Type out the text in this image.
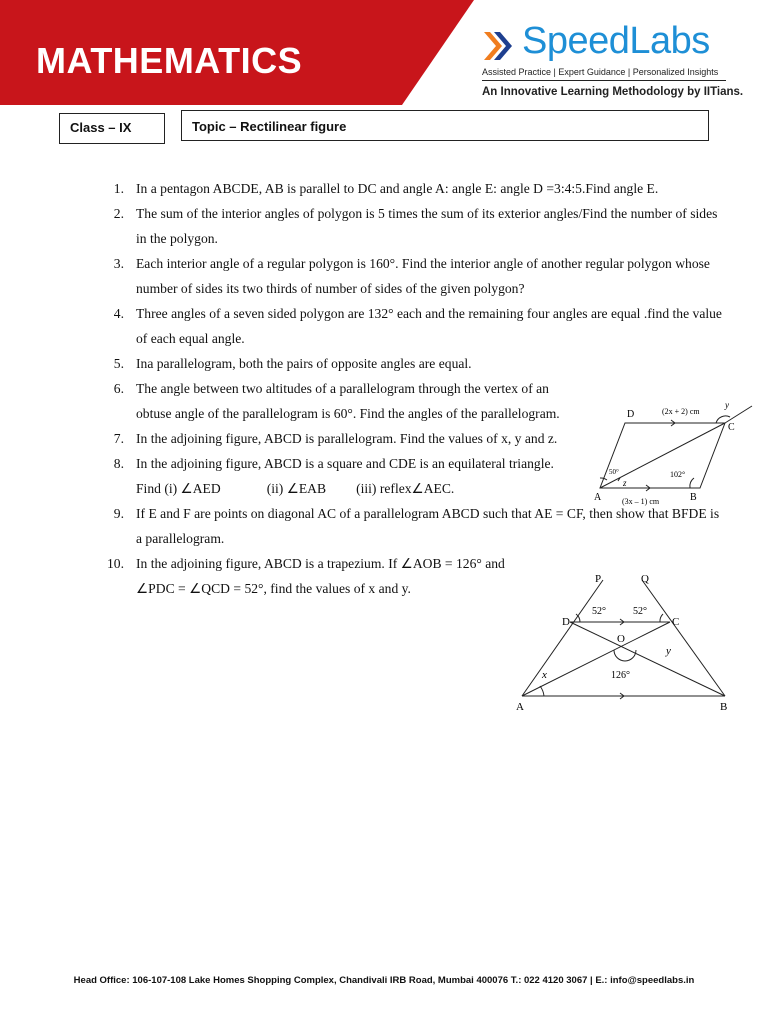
MATHEMATICS	SpeedLabs
Assisted Practice | Expert Guidance | Personalized Insights
An Innovative Learning Methodology by IITians.
Class – IX	Topic – Rectilinear figure
1. In a pentagon ABCDE, AB is parallel to DC and angle A: angle E: angle D =3:4:5.Find angle E.
2. The sum of the interior angles of polygon is 5 times the sum of its exterior angles/Find the number of sides in the polygon.
3. Each interior angle of a regular polygon is 160°. Find the interior angle of another regular polygon whose number of sides its two thirds of number of sides of the given polygon?
4. Three angles of a seven sided polygon are 132° each and the remaining four angles are equal .find the value of each equal angle.
5. Ina parallelogram, both the pairs of opposite angles are equal.
6. The angle between two altitudes of a parallelogram through the vertex of an obtuse angle of the parallelogram is 60°. Find the angles of the parallelogram.
7. In the adjoining figure, ABCD is parallelogram. Find the values of x, y and z.
8. In the adjoining figure, ABCD is a square and CDE is an equilateral triangle.
Find (i) ∠AED	(ii) ∠EAB (iii) reflex∠AEC.
9. If E and F are points on diagonal AC of a parallelogram ABCD such that AE = CF, then show that BFDE is a parallelogram.
10. In the adjoining figure, ABCD is a trapezium. If ∠AOB = 126° and ∠PDC = ∠QCD = 52°, find the values of x and y.
A	B
C
D
y
z
(2x + 2) cm
(3x – 1) cm
50°	102°
A	B
C
D
O
P	Q
x
y
52°	52°
126°
Head Office: 106-107-108 Lake Homes Shopping Complex, Chandivali IRB Road, Mumbai 400076 T.: 022 4120 3067 | E.: info@speedlabs.in
